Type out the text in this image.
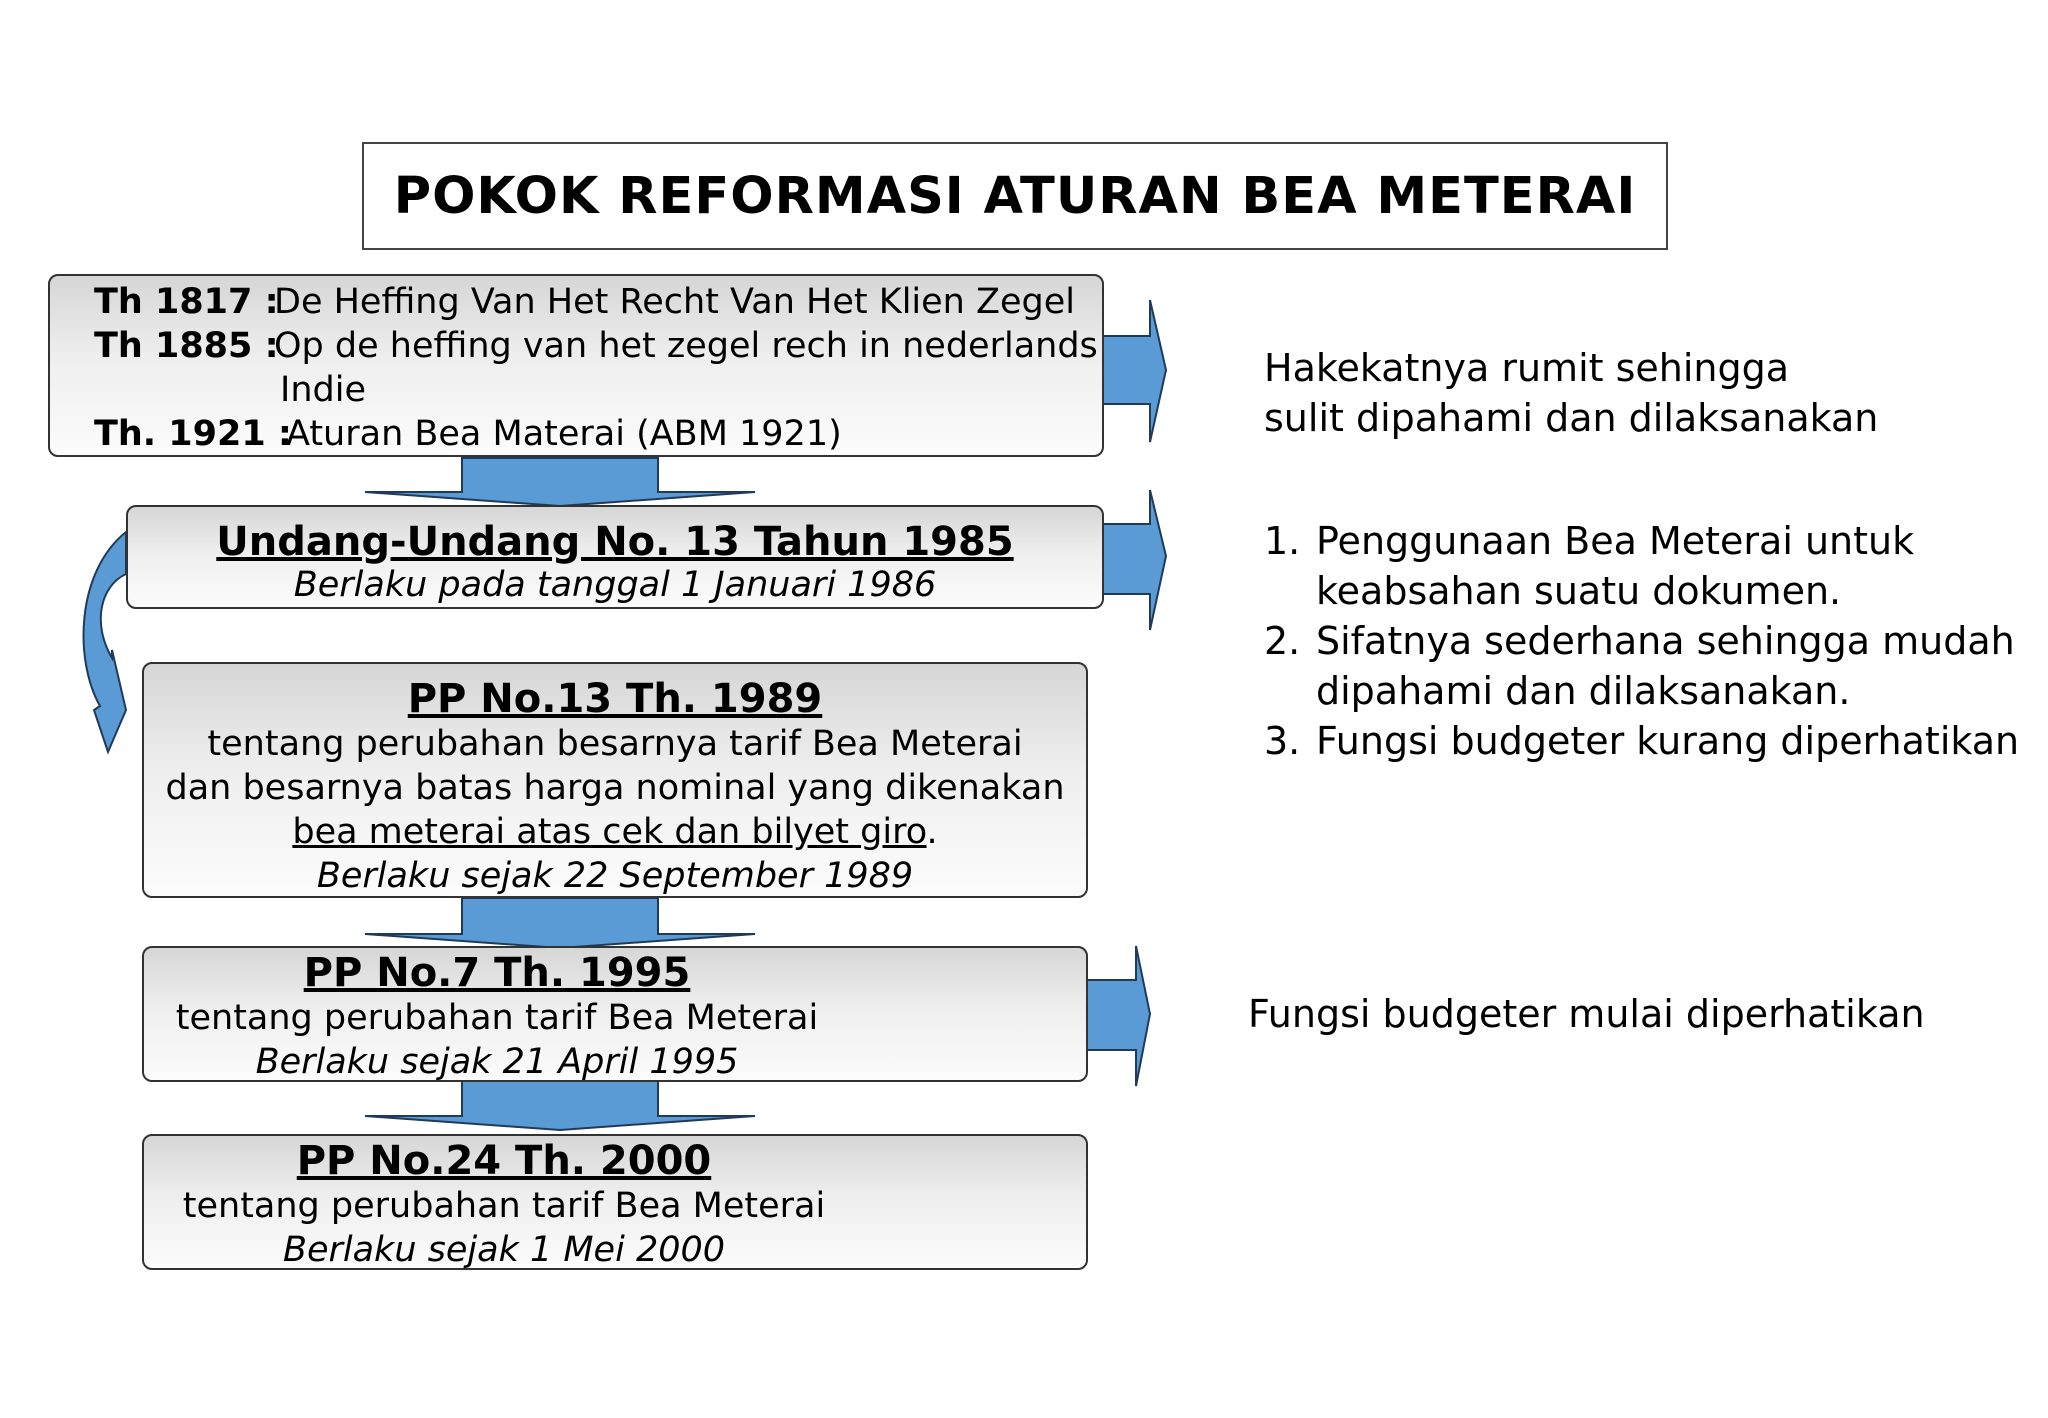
POKOK REFORMASI ATURAN BEA METERAI
Th 1817 :De Heffing Van Het Recht Van Het Klien Zegel
Th 1885 :Op de heffing van het zegel rech in nederlands
Indie
Th. 1921 :Aturan Bea Materai (ABM 1921)
Undang-Undang No. 13 Tahun 1985
Berlaku pada tanggal 1 Januari 1986
PP No.13 Th. 1989
tentang perubahan besarnya tarif Bea Meterai
dan besarnya batas harga nominal yang dikenakan
bea meterai atas cek dan bilyet giro.
Berlaku sejak 22 September 1989
PP No.7 Th. 1995
tentang perubahan tarif Bea Meterai
Berlaku sejak 21 April 1995
PP No.24 Th. 2000
tentang perubahan tarif Bea Meterai
Berlaku sejak 1 Mei 2000
Hakekatnya rumit sehingga
sulit dipahami dan dilaksanakan
1. Penggunaan Bea Meterai untuk
keabsahan suatu dokumen.
2. Sifatnya sederhana sehingga mudah
dipahami dan dilaksanakan.
3. Fungsi budgeter kurang diperhatikan
Fungsi budgeter mulai diperhatikan
